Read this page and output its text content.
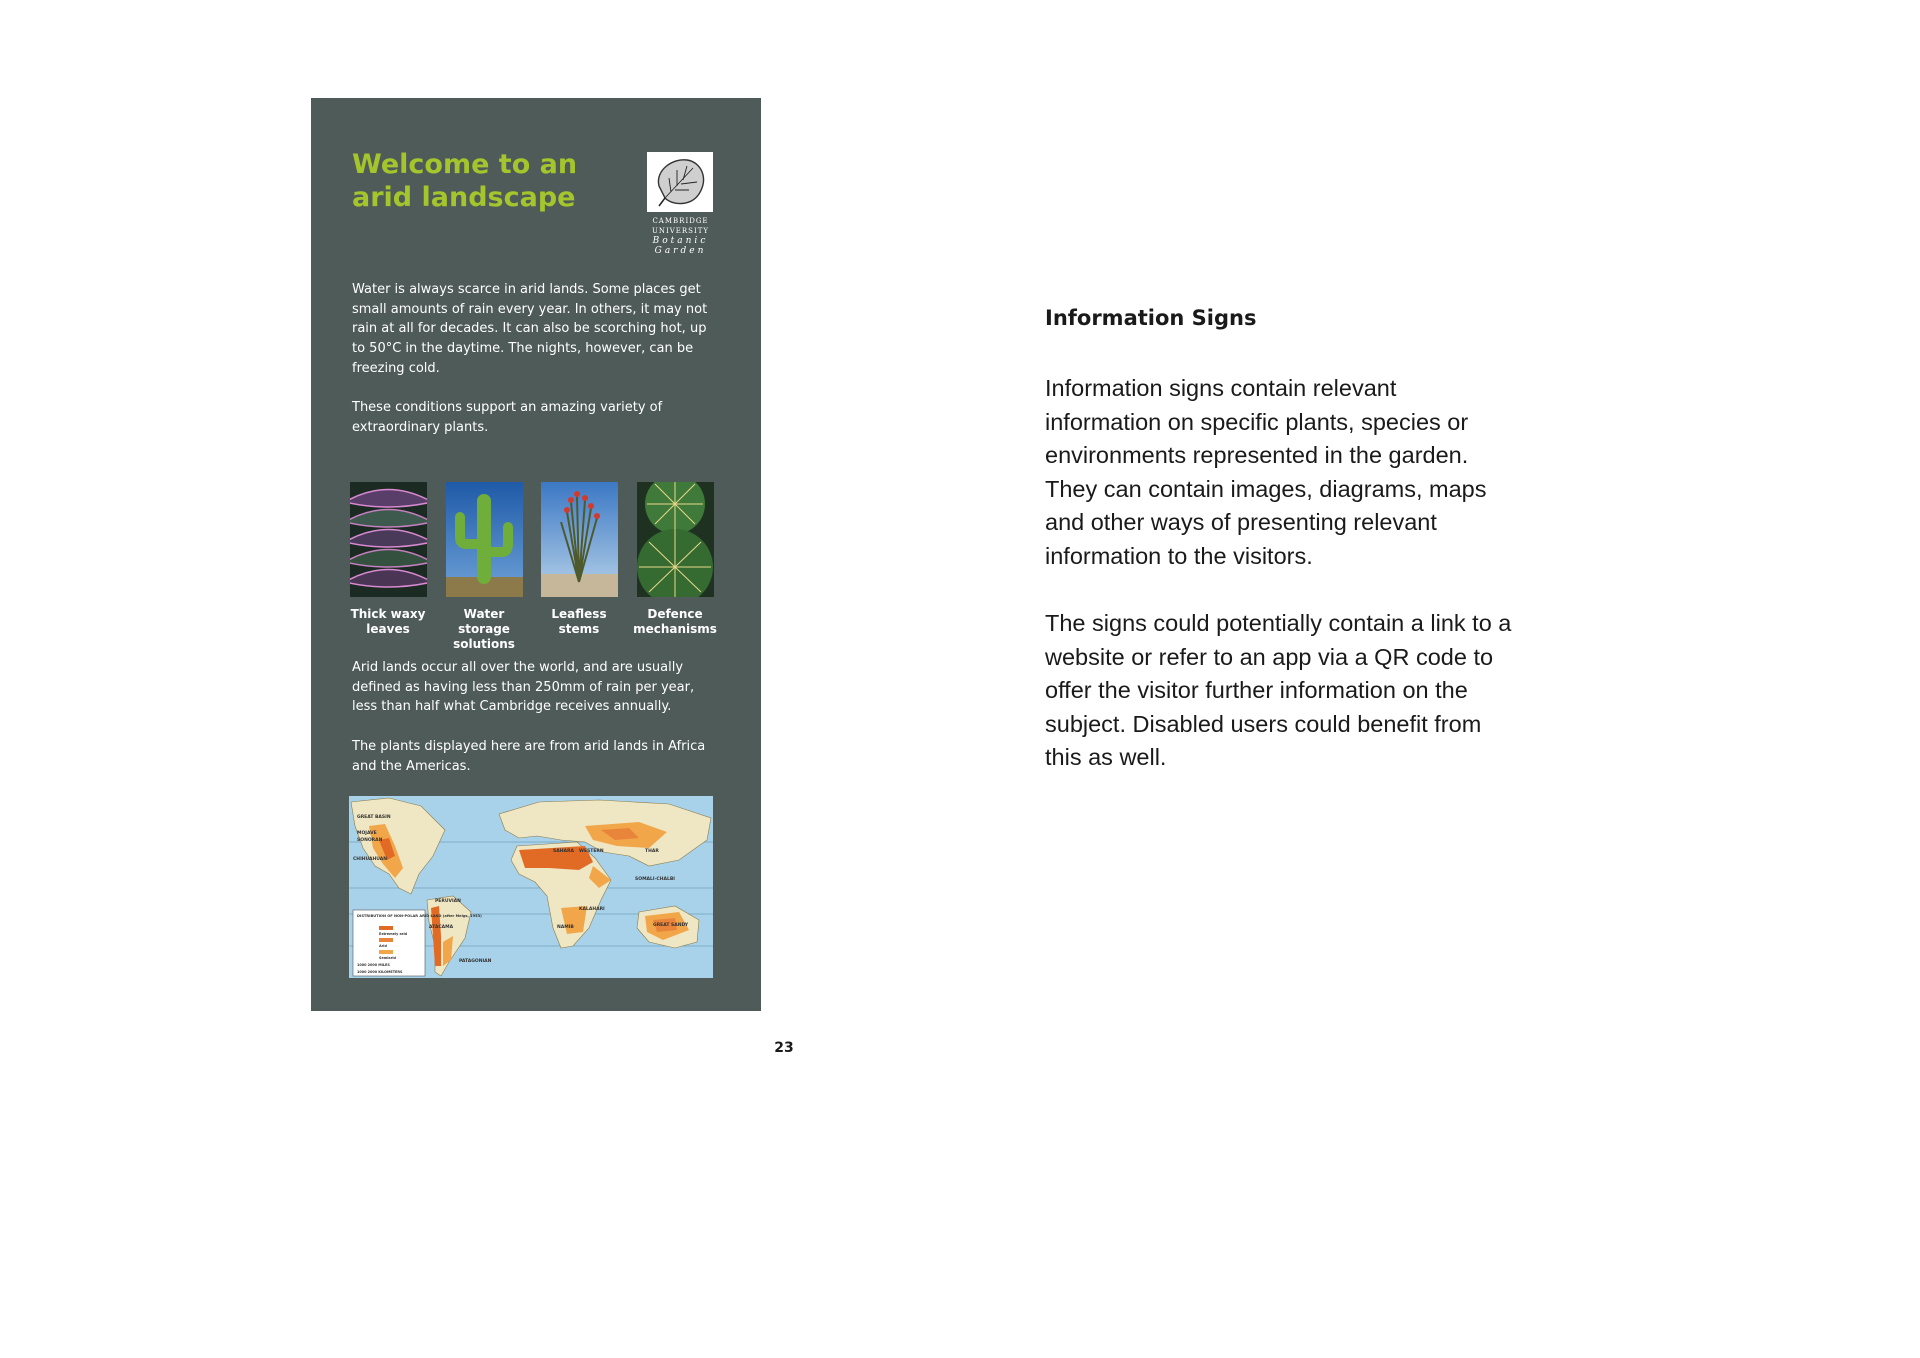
Welcome to an arid landscape
CAMBRIDGE
UNIVERSITY
Botanic
Garden

Water is always scarce in arid lands. Some places get small amounts of rain every year. In others, it may not rain at all for decades. It can also be scorching hot, up to 50°C in the daytime. The nights, however, can be freezing cold.

These conditions support an amazing variety of extraordinary plants.

Thick waxy
leaves
Water storage
solutions
Leafless
stems
Defence
mechanisms

Arid lands occur all over the world, and are usually defined as having less than 250mm of rain per year, less than half what Cambridge receives annually.

The plants displayed here are from arid lands in Africa and the Americas.

GREAT BASIN
MOJAVE
SONORAN
CHIHUAHUAN
PERUVIAN
ATACAMA
PATAGONIAN
SAHARA WESTERN	THAR
SOMALI-CHALBI
KALAHARI
NAMIB	GREAT SANDY
DISTRIBUTION OF NON-POLAR ARID LAND (after Meigs, 1953)
Extremely arid
Arid
Semiarid
1000 2000 MILES
1000 2000 KILOMETERS
23
Information Signs

Information signs contain relevant information on specific plants, species or environments represented in the garden. They can contain images, diagrams, maps and other ways of presenting relevant information to the visitors.

The signs could potentially contain a link to a website or refer to an app via a QR code to offer the visitor further information on the subject. Disabled users could benefit from this as well.
